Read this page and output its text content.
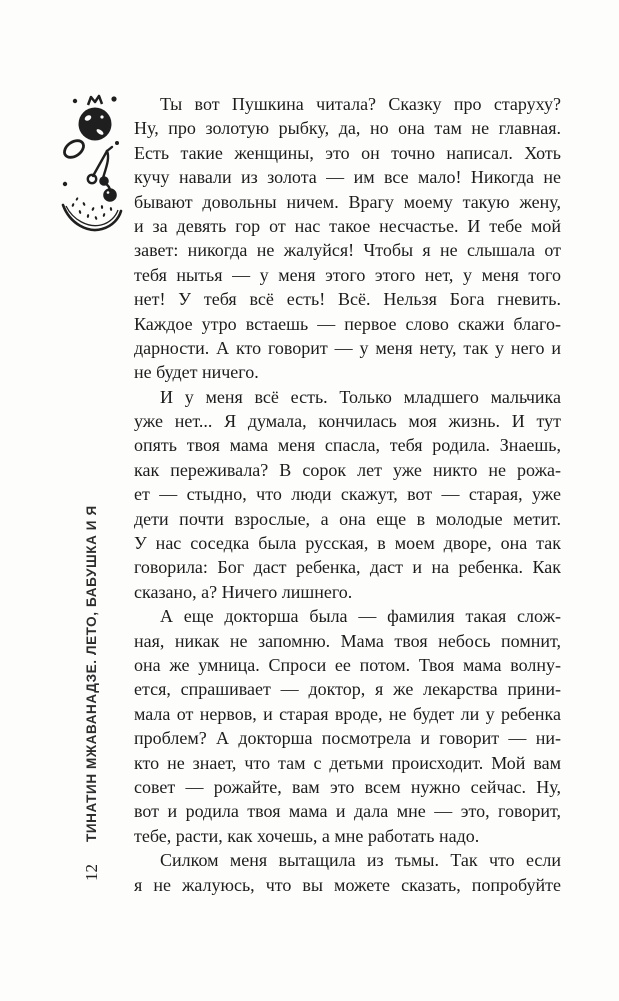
ТИНАТИН МЖАВАНАДЗЕ. ЛЕТО, БАБУШКА И Я
12
Ты вот Пушкина читала? Сказку про старуху?
Ну, про золотую рыбку, да, но она там не главная.
Есть такие женщины, это он точно написал. Хоть
кучу навали из золота — им все мало! Никогда не
бывают довольны ничем. Врагу моему такую жену,
и за девять гор от нас такое несчастье. И тебе мой
завет: никогда не жалуйся! Чтобы я не слышала от
тебя нытья — у меня этого этого нет, у меня того
нет! У тебя всё есть! Всё. Нельзя Бога гневить.
Каждое утро встаешь — первое слово скажи благо-
дарности. А кто говорит — у меня нету, так у него и
не будет ничего.
И у меня всё есть. Только младшего мальчика
уже нет... Я думала, кончилась моя жизнь. И тут
опять твоя мама меня спасла, тебя родила. Знаешь,
как переживала? В сорок лет уже никто не рожа-
ет — стыдно, что люди скажут, вот — старая, уже
дети почти взрослые, а она еще в молодые метит.
У нас соседка была русская, в моем дворе, она так
говорила: Бог даст ребенка, даст и на ребенка. Как
сказано, а? Ничего лишнего.
А еще докторша была — фамилия такая слож-
ная, никак не запомню. Мама твоя небось помнит,
она же умница. Спроси ее потом. Твоя мама волну-
ется, спрашивает — доктор, я же лекарства прини-
мала от нервов, и старая вроде, не будет ли у ребенка
проблем? А докторша посмотрела и говорит — ни-
кто не знает, что там с детьми происходит. Мой вам
совет — рожайте, вам это всем нужно сейчас. Ну,
вот и родила твоя мама и дала мне — это, говорит,
тебе, расти, как хочешь, а мне работать надо.
Силком меня вытащила из тьмы. Так что если
я не жалуюсь, что вы можете сказать, попробуйте
